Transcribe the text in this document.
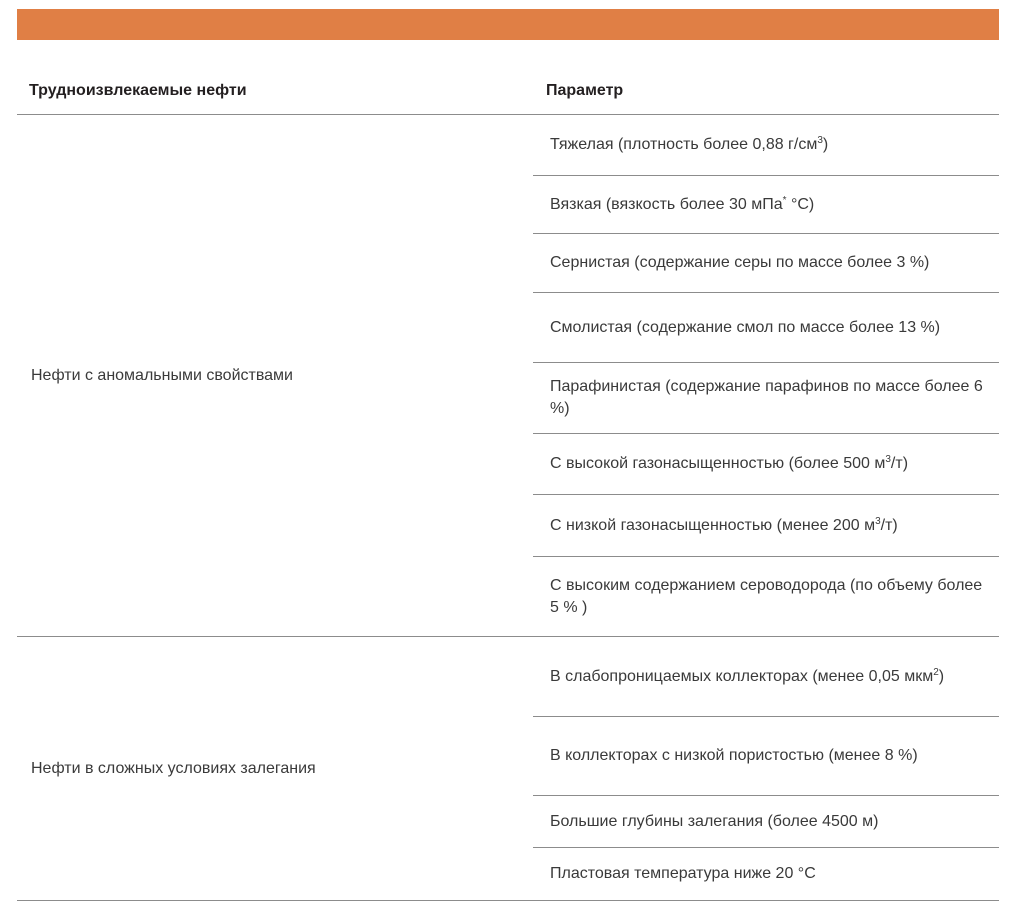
Трудноизвлекаемые нефти	Параметр
Нефти с аномальными свойствами
Тяжелая (плотность более 0,88 $г/см^3$)
Вязкая (вязкость более 30 мПа* °С)
Сернистая (содержание серы по массе более 3 %)
Смолистая (содержание смол по массе более 13 %)
Парафинистая (содержание парафинов по массе более 6 %)
С высокой газонасыщенностью (более 500 $м^3/т$)
С низкой газонасыщенностью (менее 200 $м^3/т$)
С высоким содержанием сероводорода (по объему более 5 % )
Нефти в сложных условиях залегания
В слабопроницаемых коллекторах (менее 0,05 мкм$^2$)
В коллекторах с низкой пористостью (менее 8 %)
Большие глубины залегания (более 4500 м)
Пластовая температура ниже 20 °С
